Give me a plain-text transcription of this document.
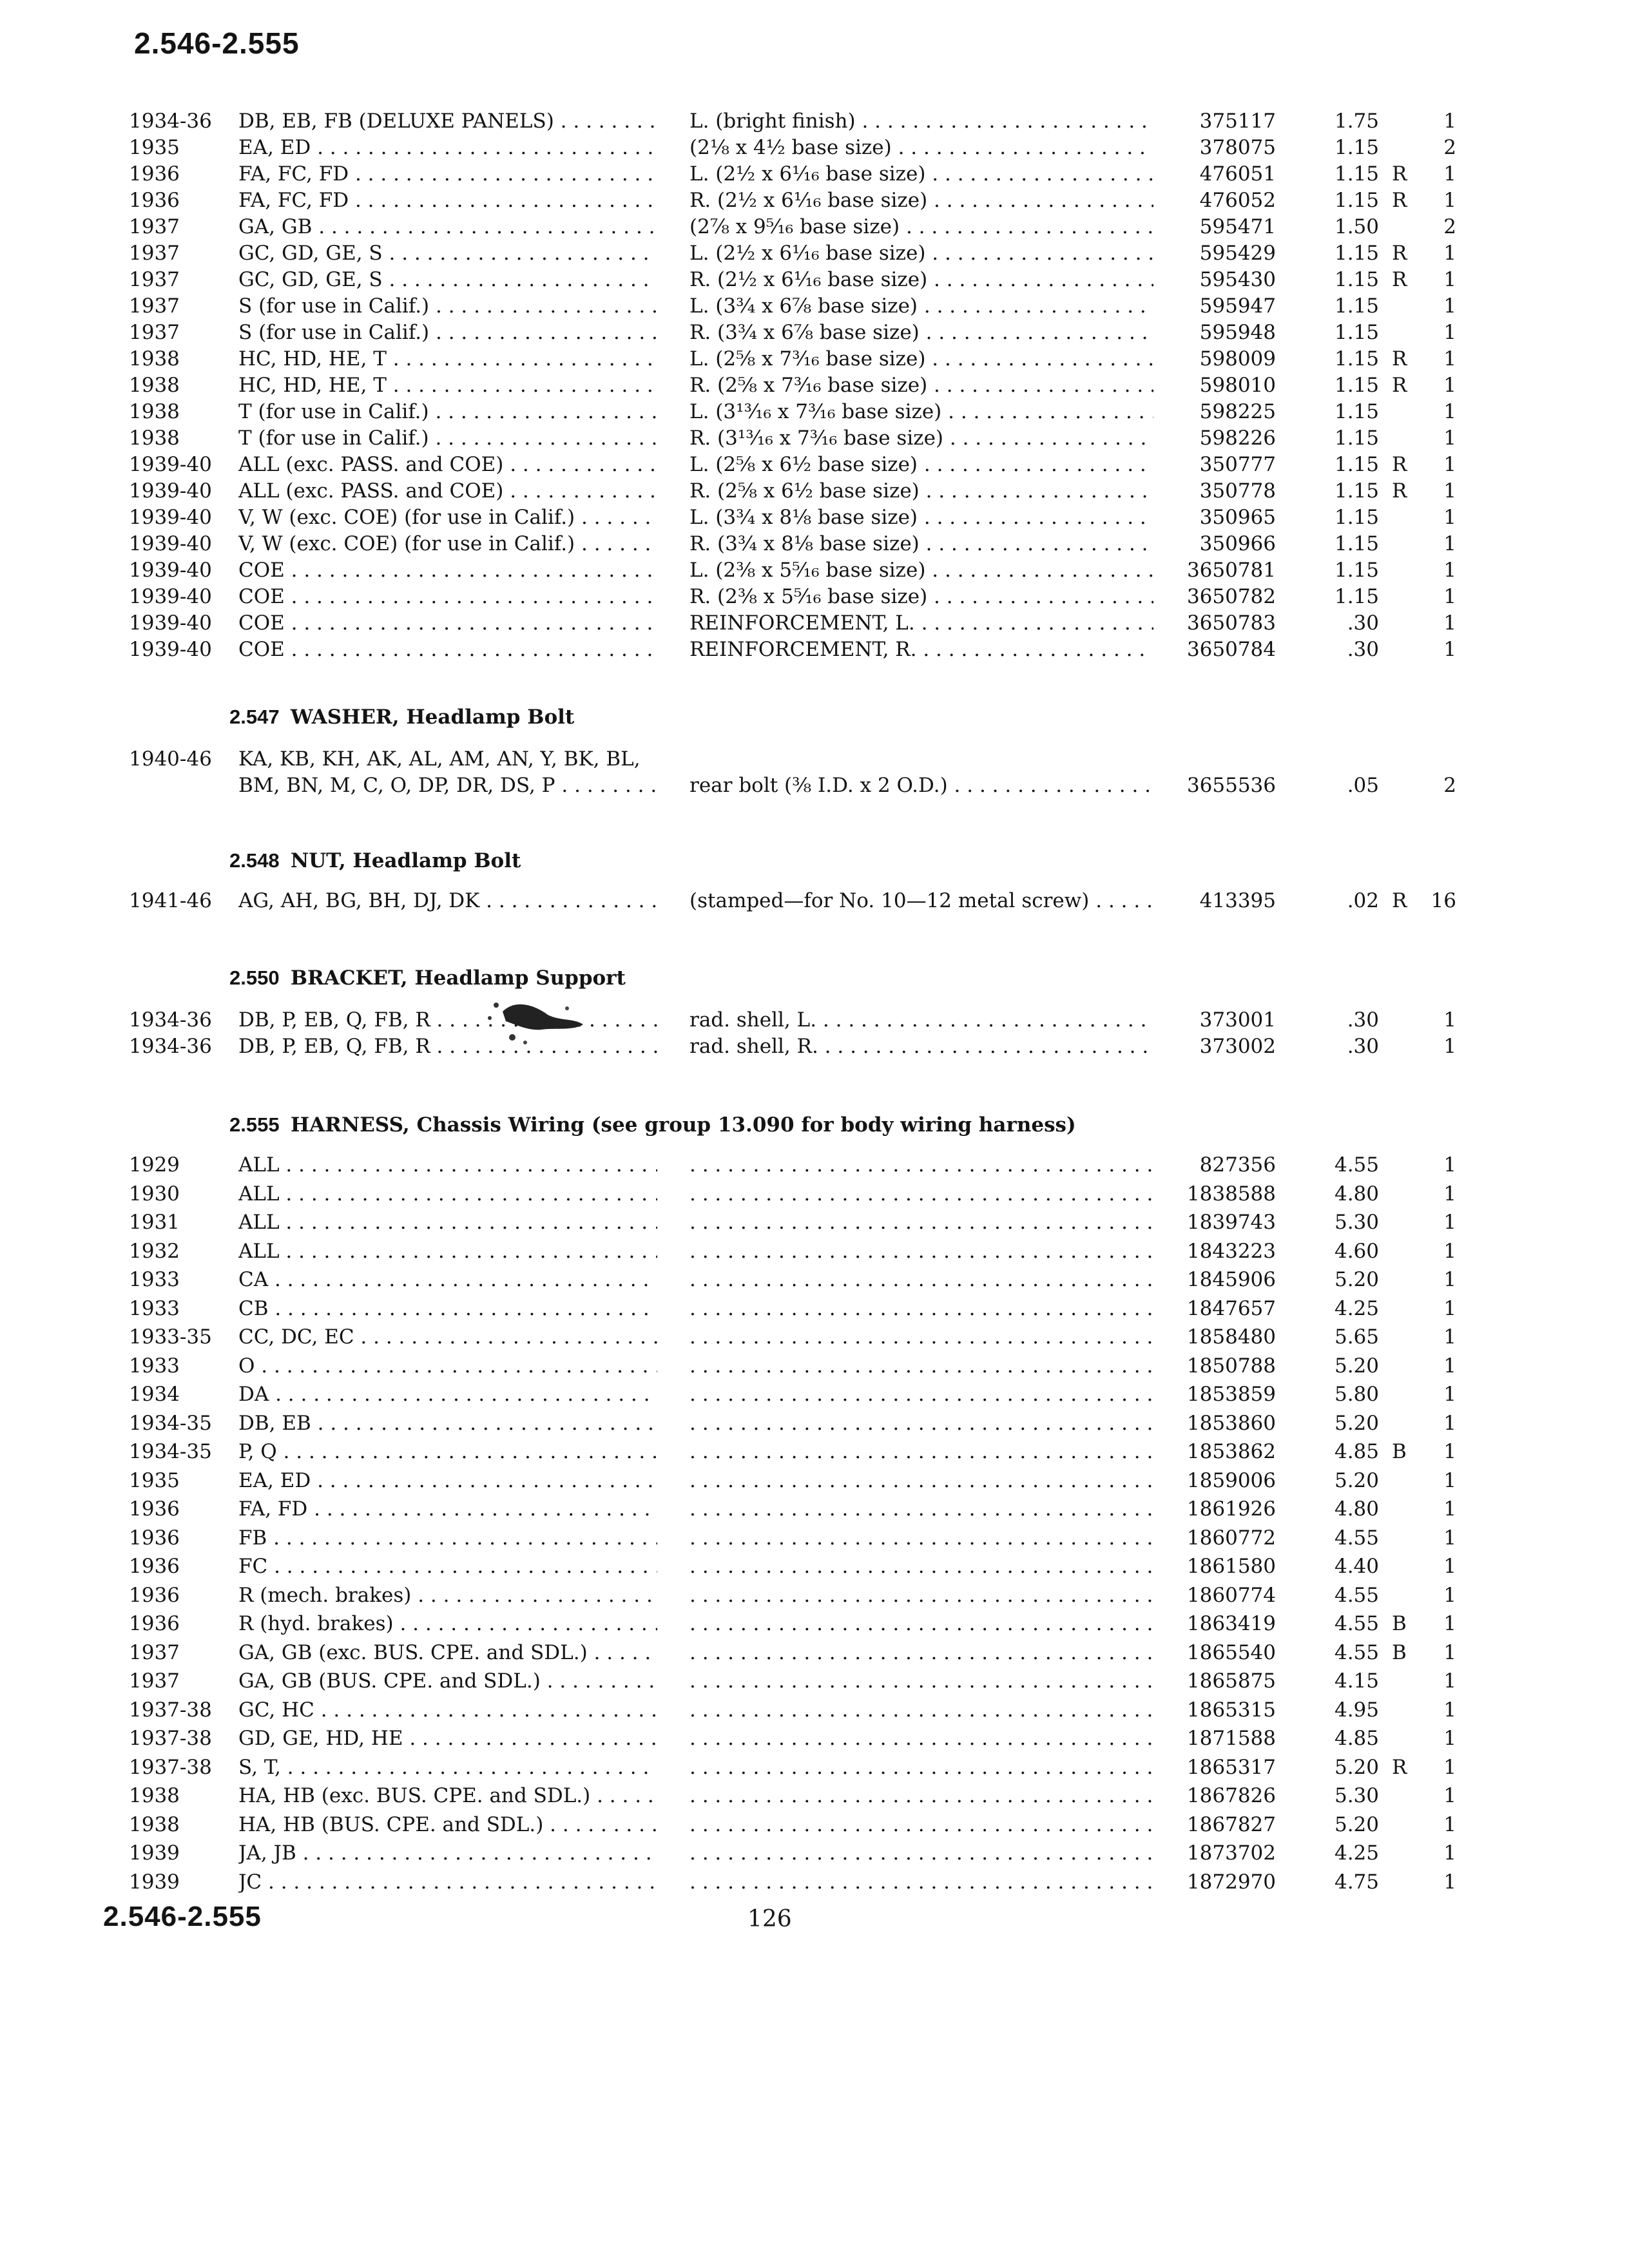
2.546-2.555
1934-36 DB, EB, FB (DELUXE PANELS) . . .	L. (bright finish) . . .	375117	1.75	1
1935	EA, ED . . .	(2⅛ x 4½ base size) . . .	378075	1.15	2
1936	FA, FC, FD . . .	L. (2½ x 6¹⁄₁₆ base size) . . .	476051	1.15 R	1
1936	FA, FC, FD . . .	R. (2½ x 6¹⁄₁₆ base size) . . .	476052	1.15 R	1
1937	GA, GB . . .	(2⅞ x 9⁵⁄₁₆ base size) . . .	595471	1.50	2
1937	GC, GD, GE, S . . .	L. (2½ x 6¹⁄₁₆ base size) . . .	595429	1.15 R	1
1937	GC, GD, GE, S . . .	R. (2½ x 6¹⁄₁₆ base size) . . .	595430	1.15 R	1
1937	S (for use in Calif.) . . .	L. (3¾ x 6⅞ base size) . . .	595947	1.15	1
1937	S (for use in Calif.) . . .	R. (3¾ x 6⅞ base size) . . .	595948	1.15	1
1938	HC, HD, HE, T . . .	L. (2⅝ x 7³⁄₁₆ base size) . . .	598009	1.15 R	1
1938	HC, HD, HE, T . . .	R. (2⅝ x 7³⁄₁₆ base size) . . .	598010	1.15 R	1
1938	T (for use in Calif.) . . .	L. (3¹³⁄₁₆ x 7³⁄₁₆ base size) . . .	598225	1.15	1
1938	T (for use in Calif.) . . .	R. (3¹³⁄₁₆ x 7³⁄₁₆ base size) . . .	598226	1.15	1
1939-40 ALL (exc. PASS. and COE) . . .	L. (2⅝ x 6½ base size) . . .	350777	1.15 R	1
1939-40 ALL (exc. PASS. and COE) . . .	R. (2⅝ x 6½ base size) . . .	350778	1.15 R	1
1939-40 V, W (exc. COE) (for use in Calif.) . . .	L. (3¾ x 8⅛ base size) . . .	350965	1.15	1
1939-40 V, W (exc. COE) (for use in Calif.) . . .	R. (3¾ x 8⅛ base size) . . .	350966	1.15	1
1939-40 COE . . .	L. (2⅜ x 5⁵⁄₁₆ base size) . . .	3650781	1.15	1
1939-40 COE . . .	R. (2⅜ x 5⁵⁄₁₆ base size) . . .	3650782	1.15	1
1939-40 COE . . .	REINFORCEMENT, L. . . .	3650783	.30	1
1939-40 COE . . .	REINFORCEMENT, R. . . .	3650784	.30	1
2.547 WASHER, Headlamp Bolt
1940-46 KA, KB, KH, AK, AL, AM, AN, Y, BK, BL,
BM, BN, M, C, O, DP, DR, DS, P . . .	rear bolt (⅜ I.D. x 2 O.D.) . . .	3655536	.05	2
2.548 NUT, Headlamp Bolt
1941-46 AG, AH, BG, BH, DJ, DK . . .	(stamped—for No. 10—12 metal screw) . . .	413395	.02 R	16
2.550 BRACKET, Headlamp Support
1934-36 DB, P, EB, Q, FB, R . . .	rad. shell, L. . . .	373001	.30	1
1934-36 DB, P, EB, Q, FB, R . . .	rad. shell, R. . . .	373002	.30	1
2.555 HARNESS, Chassis Wiring (see group 13.090 for body wiring harness)
1929	ALL . . . . . .	827356	4.55	1
1930	ALL . . . . . .	1838588	4.80	1
1931	ALL . . . . . .	1839743	5.30	1
1932	ALL . . . . . .	1843223	4.60	1
1933	CA . . . . . .	1845906	5.20	1
1933	CB . . . . . .	1847657	4.25	1
1933-35 CC, DC, EC . . . . . .	1858480	5.65	1
1933	O . . . . . .	1850788	5.20	1
1934	DA . . . . . .	1853859	5.80	1
1934-35 DB, EB . . . . . .	1853860	5.20	1
1934-35 P, Q . . . . . .	1853862	4.85 B	1
1935	EA, ED . . . . . .	1859006	5.20	1
1936	FA, FD . . . . . .	1861926	4.80	1
1936	FB . . . . . .	1860772	4.55	1
1936	FC . . . . . .	1861580	4.40	1
1936	R (mech. brakes) . . . . . .	1860774	4.55	1
1936	R (hyd. brakes) . . . . . .	1863419	4.55 B	1
1937	GA, GB (exc. BUS. CPE. and SDL.) . . . . . .	1865540	4.55 B	1
1937	GA, GB (BUS. CPE. and SDL.) . . . . . .	1865875	4.15	1
1937-38 GC, HC . . . . . .	1865315	4.95	1
1937-38 GD, GE, HD, HE . . . . . .	1871588	4.85	1
1937-38 S, T, . . . . . .	1865317	5.20 R	1
1938	HA, HB (exc. BUS. CPE. and SDL.) . . . . . .	1867826	5.30	1
1938	HA, HB (BUS. CPE. and SDL.) . . . . . .	1867827	5.20	1
1939	JA, JB . . . . . .	1873702	4.25	1
1939	JC . . . . . .	1872970	4.75	1
2.546-2.555	126
